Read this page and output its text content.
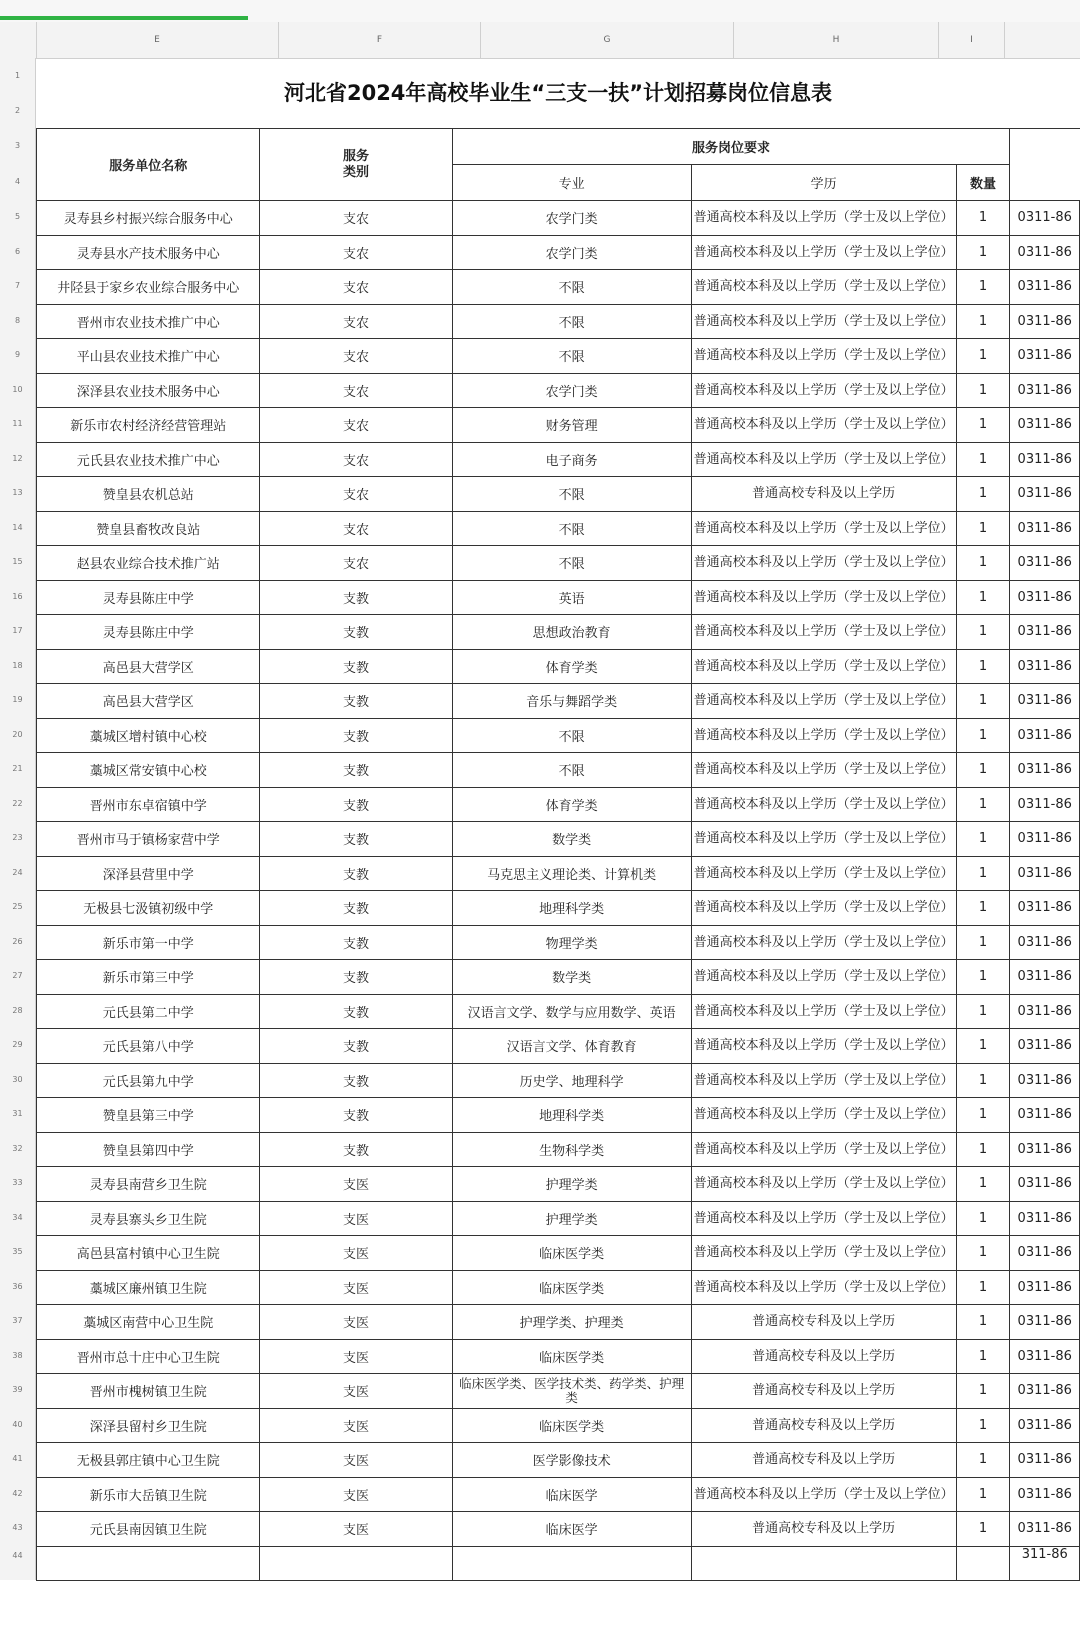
E	F	G	H	I
1
2
3
4
5
6
7
8
9
10
11
12
13
14
15
16
17
18
19
20
21
22
23
24
25
26
27
28
29
30
31
32
33
34
35
36
37
38
39
40
41
42
43
44
河北省2024年高校毕业生“三支一扶”计划招募岗位信息表
服务单位名称	服务类别	服务岗位要求			
		专业	学历	数量	
灵寿县乡村振兴综合服务中心	支农	农学门类	普通高校本科及以上学历（学士及以上学位）	1	0311-86
灵寿县水产技术服务中心	支农	农学门类	普通高校本科及以上学历（学士及以上学位）	1	0311-86
井陉县于家乡农业综合服务中心	支农	不限	普通高校本科及以上学历（学士及以上学位）	1	0311-86
晋州市农业技术推广中心	支农	不限	普通高校本科及以上学历（学士及以上学位）	1	0311-86
平山县农业技术推广中心	支农	不限	普通高校本科及以上学历（学士及以上学位）	1	0311-86
深泽县农业技术服务中心	支农	农学门类	普通高校本科及以上学历（学士及以上学位）	1	0311-86
新乐市农村经济经营管理站	支农	财务管理	普通高校本科及以上学历（学士及以上学位）	1	0311-86
元氏县农业技术推广中心	支农	电子商务	普通高校本科及以上学历（学士及以上学位）	1	0311-86
赞皇县农机总站	支农	不限	普通高校专科及以上学历	1	0311-86
赞皇县畜牧改良站	支农	不限	普通高校本科及以上学历（学士及以上学位）	1	0311-86
赵县农业综合技术推广站	支农	不限	普通高校本科及以上学历（学士及以上学位）	1	0311-86
灵寿县陈庄中学	支教	英语	普通高校本科及以上学历（学士及以上学位）	1	0311-86
灵寿县陈庄中学	支教	思想政治教育	普通高校本科及以上学历（学士及以上学位）	1	0311-86
高邑县大营学区	支教	体育学类	普通高校本科及以上学历（学士及以上学位）	1	0311-86
高邑县大营学区	支教	音乐与舞蹈学类	普通高校本科及以上学历（学士及以上学位）	1	0311-86
藁城区增村镇中心校	支教	不限	普通高校本科及以上学历（学士及以上学位）	1	0311-86
藁城区常安镇中心校	支教	不限	普通高校本科及以上学历（学士及以上学位）	1	0311-86
晋州市东卓宿镇中学	支教	体育学类	普通高校本科及以上学历（学士及以上学位）	1	0311-86
晋州市马于镇杨家营中学	支教	数学类	普通高校本科及以上学历（学士及以上学位）	1	0311-86
深泽县营里中学	支教	马克思主义理论类、计算机类	普通高校本科及以上学历（学士及以上学位）	1	0311-86
无极县七汲镇初级中学	支教	地理科学类	普通高校本科及以上学历（学士及以上学位）	1	0311-86
新乐市第一中学	支教	物理学类	普通高校本科及以上学历（学士及以上学位）	1	0311-86
新乐市第三中学	支教	数学类	普通高校本科及以上学历（学士及以上学位）	1	0311-86
元氏县第二中学	支教	汉语言文学、数学与应用数学、英语	普通高校本科及以上学历（学士及以上学位）	1	0311-86
元氏县第八中学	支教	汉语言文学、体育教育	普通高校本科及以上学历（学士及以上学位）	1	0311-86
元氏县第九中学	支教	历史学、地理科学	普通高校本科及以上学历（学士及以上学位）	1	0311-86
赞皇县第三中学	支教	地理科学类	普通高校本科及以上学历（学士及以上学位）	1	0311-86
赞皇县第四中学	支教	生物科学类	普通高校本科及以上学历（学士及以上学位）	1	0311-86
灵寿县南营乡卫生院	支医	护理学类	普通高校本科及以上学历（学士及以上学位）	1	0311-86
灵寿县寨头乡卫生院	支医	护理学类	普通高校本科及以上学历（学士及以上学位）	1	0311-86
高邑县富村镇中心卫生院	支医	临床医学类	普通高校本科及以上学历（学士及以上学位）	1	0311-86
藁城区廉州镇卫生院	支医	临床医学类	普通高校本科及以上学历（学士及以上学位）	1	0311-86
藁城区南营中心卫生院	支医	护理学类、护理类	普通高校专科及以上学历	1	0311-86
晋州市总十庄中心卫生院	支医	临床医学类	普通高校专科及以上学历	1	0311-86
晋州市槐树镇卫生院	支医	临床医学类、医学技术类、药学类、护理类	普通高校专科及以上学历	1	0311-86
深泽县留村乡卫生院	支医	临床医学类	普通高校专科及以上学历	1	0311-86
无极县郭庄镇中心卫生院	支医	医学影像技术	普通高校专科及以上学历	1	0311-86
新乐市大岳镇卫生院	支医	临床医学	普通高校本科及以上学历（学士及以上学位）	1	0311-86
元氏县南因镇卫生院	支医	临床医学	普通高校专科及以上学历	1	0311-86
					311-86
